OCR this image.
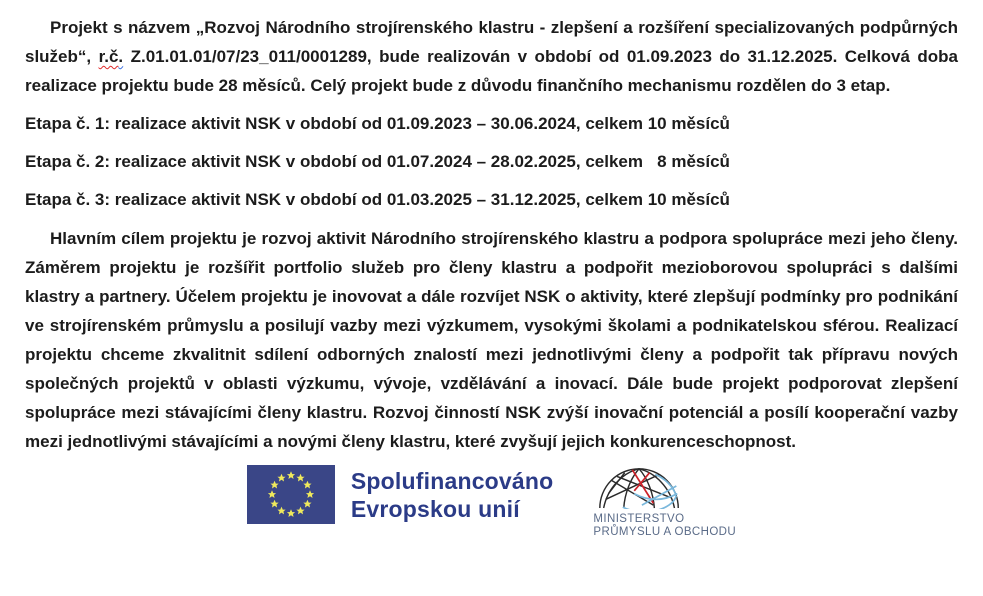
Projekt s názvem „Rozvoj Národního strojírenského klastru - zlepšení a rozšíření specializovaných podpůrných služeb“, r.č. Z.01.01.01/07/23_011/0001289, bude realizován v období od 01.09.2023 do 31.12.2025. Celková doba realizace projektu bude 28 měsíců. Celý projekt bude z důvodu finančního mechanismu rozdělen do 3 etap.

Etapa č. 1: realizace aktivit NSK v období od 01.09.2023 – 30.06.2024, celkem 10 měsíců

Etapa č. 2: realizace aktivit NSK v období od 01.07.2024 – 28.02.2025, celkem   8 měsíců

Etapa č. 3: realizace aktivit NSK v období od 01.03.2025 – 31.12.2025, celkem 10 měsíců

Hlavním cílem projektu je rozvoj aktivit Národního strojírenského klastru a podpora spolupráce mezi jeho členy. Záměrem projektu je rozšířit portfolio služeb pro členy klastru a podpořit mezioborovou spolupráci s dalšími klastry a partnery. Účelem projektu je inovovat a dále rozvíjet NSK o aktivity, které zlepšují podmínky pro podnikání ve strojírenském průmyslu a posilují vazby mezi výzkumem, vysokými školami a podnikatelskou sférou. Realizací projektu chceme zkvalitnit sdílení odborných znalostí mezi jednotlivými členy a podpořit tak přípravu nových společných projektů v oblasti výzkumu, vývoje, vzdělávání a inovací. Dále bude projekt podporovat zlepšení spolupráce mezi stávajícími členy klastru. Rozvoj činností NSK zvýší inovační potenciál a posílí kooperační vazby mezi jednotlivými stávajícími a novými členy klastru, které zvyšují jejich konkurenceschopnost.

Spolufinancováno
Evropskou unií	MINISTERSTVO
PRŮMYSLU A OBCHODU
